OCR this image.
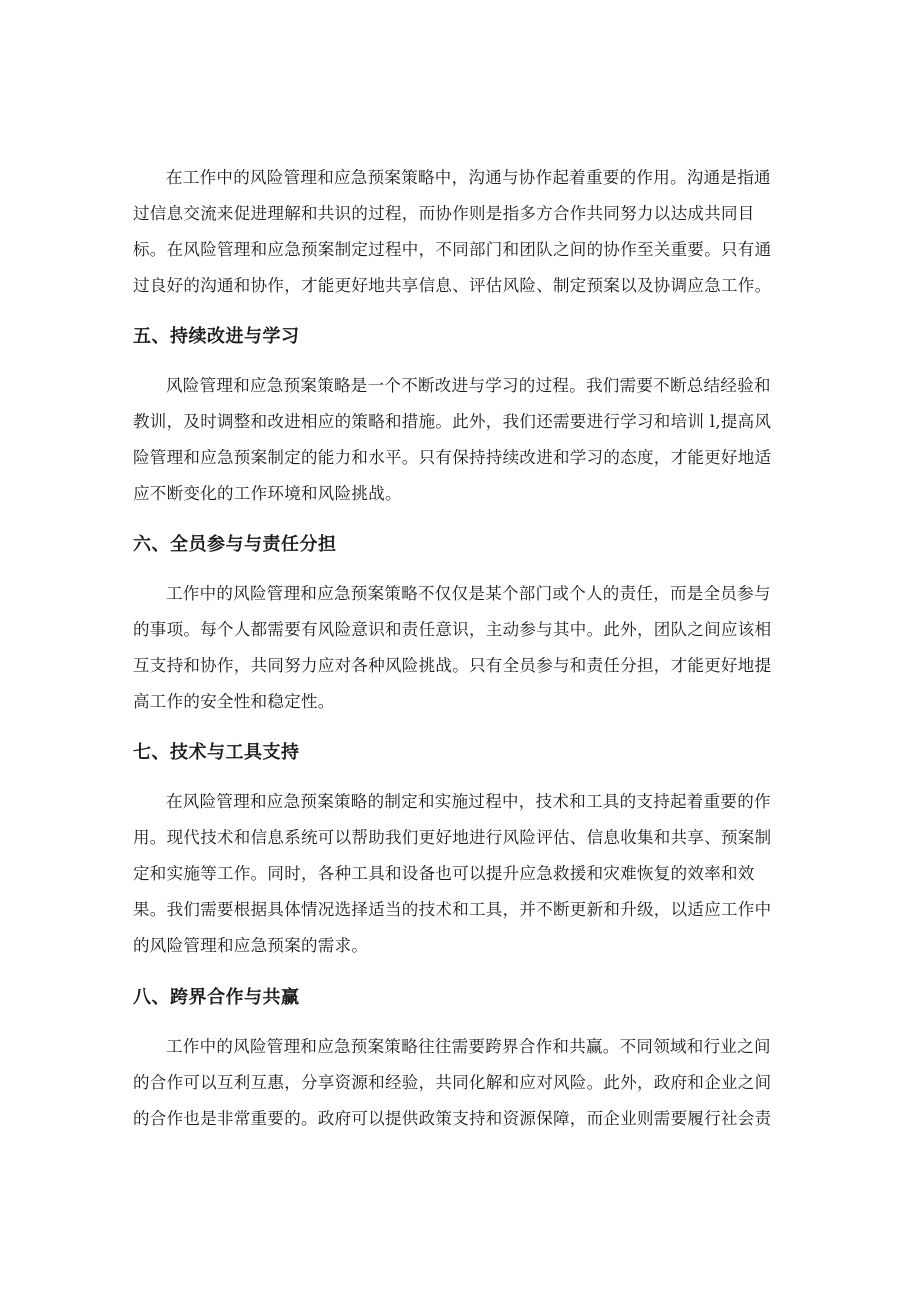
在工作中的风险管理和应急预案策略中，沟通与协作起着重要的作用。沟通是指通
过信息交流来促进理解和共识的过程，而协作则是指多方合作共同努力以达成共同目
标。在风险管理和应急预案制定过程中，不同部门和团队之间的协作至关重要。只有通
过良好的沟通和协作，才能更好地共享信息、评估风险、制定预案以及协调应急工作。

五、持续改进与学习

风险管理和应急预案策略是一个不断改进与学习的过程。我们需要不断总结经验和
教训，及时调整和改进相应的策略和措施。此外，我们还需要进行学习和培训 l,提高风
险管理和应急预案制定的能力和水平。只有保持持续改进和学习的态度，才能更好地适
应不断变化的工作环境和风险挑战。

六、全员参与与责任分担

工作中的风险管理和应急预案策略不仅仅是某个部门或个人的责任，而是全员参与
的事项。每个人都需要有风险意识和责任意识，主动参与其中。此外，团队之间应该相
互支持和协作，共同努力应对各种风险挑战。只有全员参与和责任分担，才能更好地提
高工作的安全性和稳定性。

七、技术与工具支持

在风险管理和应急预案策略的制定和实施过程中，技术和工具的支持起着重要的作
用。现代技术和信息系统可以帮助我们更好地进行风险评估、信息收集和共享、预案制
定和实施等工作。同时，各种工具和设备也可以提升应急救援和灾难恢复的效率和效
果。我们需要根据具体情况选择适当的技术和工具，并不断更新和升级，以适应工作中
的风险管理和应急预案的需求。

八、跨界合作与共赢

工作中的风险管理和应急预案策略往往需要跨界合作和共赢。不同领域和行业之间
的合作可以互利互惠，分享资源和经验，共同化解和应对风险。此外，政府和企业之间
的合作也是非常重要的。政府可以提供政策支持和资源保障，而企业则需要履行社会责
